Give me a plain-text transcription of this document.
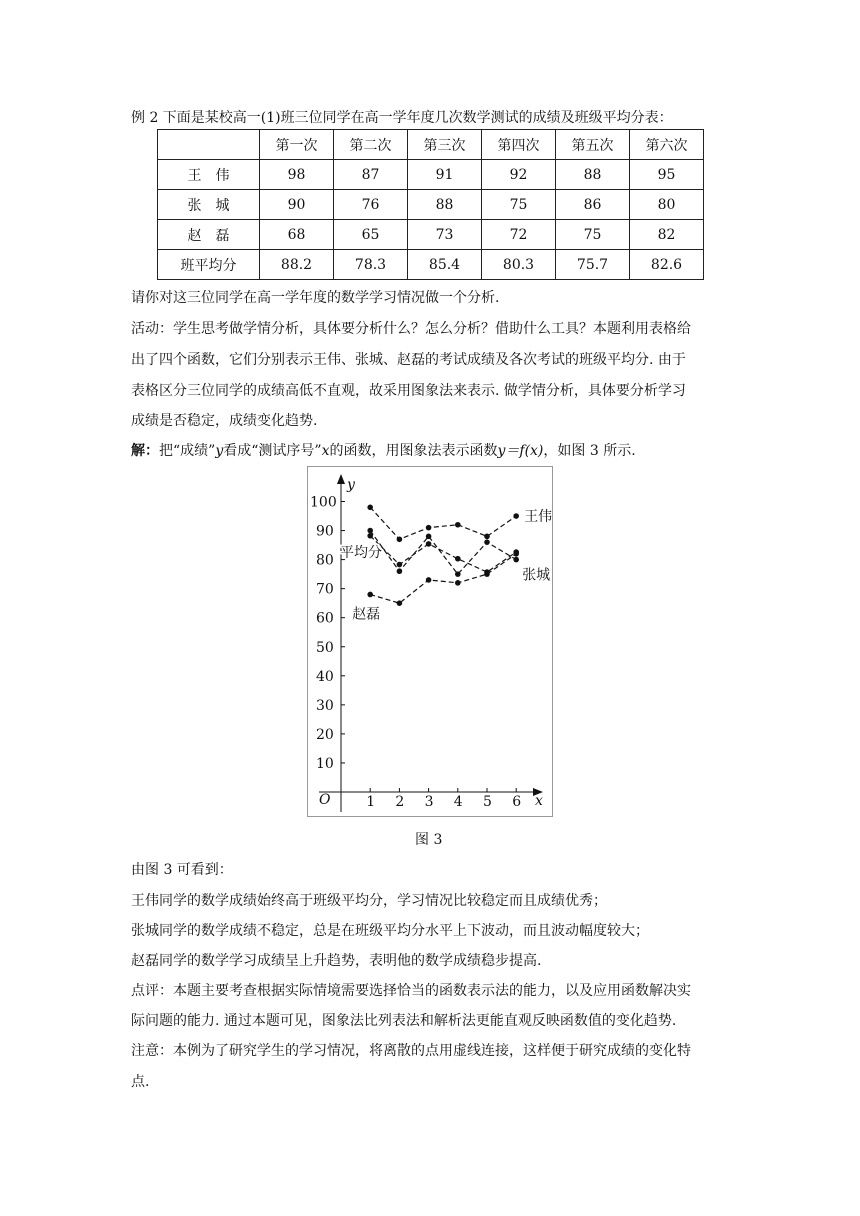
例 2 下面是某校高一(1)班三位同学在高一学年度几次数学测试的成绩及班级平均分表：
	第一次	第二次	第三次	第四次	第五次	第六次
王　伟	98	87	91	92	88	95
张　城	90	76	88	75	86	80
赵　磊	68	65	73	72	75	82
班平均分	88.2	78.3	85.4	80.3	75.7	82.6
请你对这三位同学在高一学年度的数学学习情况做一个分析.
活动：学生思考做学情分析，具体要分析什么？怎么分析？借助什么工具？本题利用表格给
出了四个函数，它们分别表示王伟、张城、赵磊的考试成绩及各次考试的班级平均分. 由于
表格区分三位同学的成绩高低不直观，故采用图象法来表示. 做学情分析，具体要分析学习
成绩是否稳定，成绩变化趋势.
解：把“成绩”y看成“测试序号”x的函数，用图象法表示函数y＝f(x)，如图 3 所示.
y
x
O	1 2 3 4 5 6
10
20
30
40
50
60
70
80
90
100
王伟
张城
赵磊
平均分
图 3
由图 3 可看到：
王伟同学的数学成绩始终高于班级平均分，学习情况比较稳定而且成绩优秀；
张城同学的数学成绩不稳定，总是在班级平均分水平上下波动，而且波动幅度较大；
赵磊同学的数学学习成绩呈上升趋势，表明他的数学成绩稳步提高.
点评：本题主要考查根据实际情境需要选择恰当的函数表示法的能力，以及应用函数解决实
际问题的能力. 通过本题可见，图象法比列表法和解析法更能直观反映函数值的变化趋势.
注意：本例为了研究学生的学习情况，将离散的点用虚线连接，这样便于研究成绩的变化特
点.
